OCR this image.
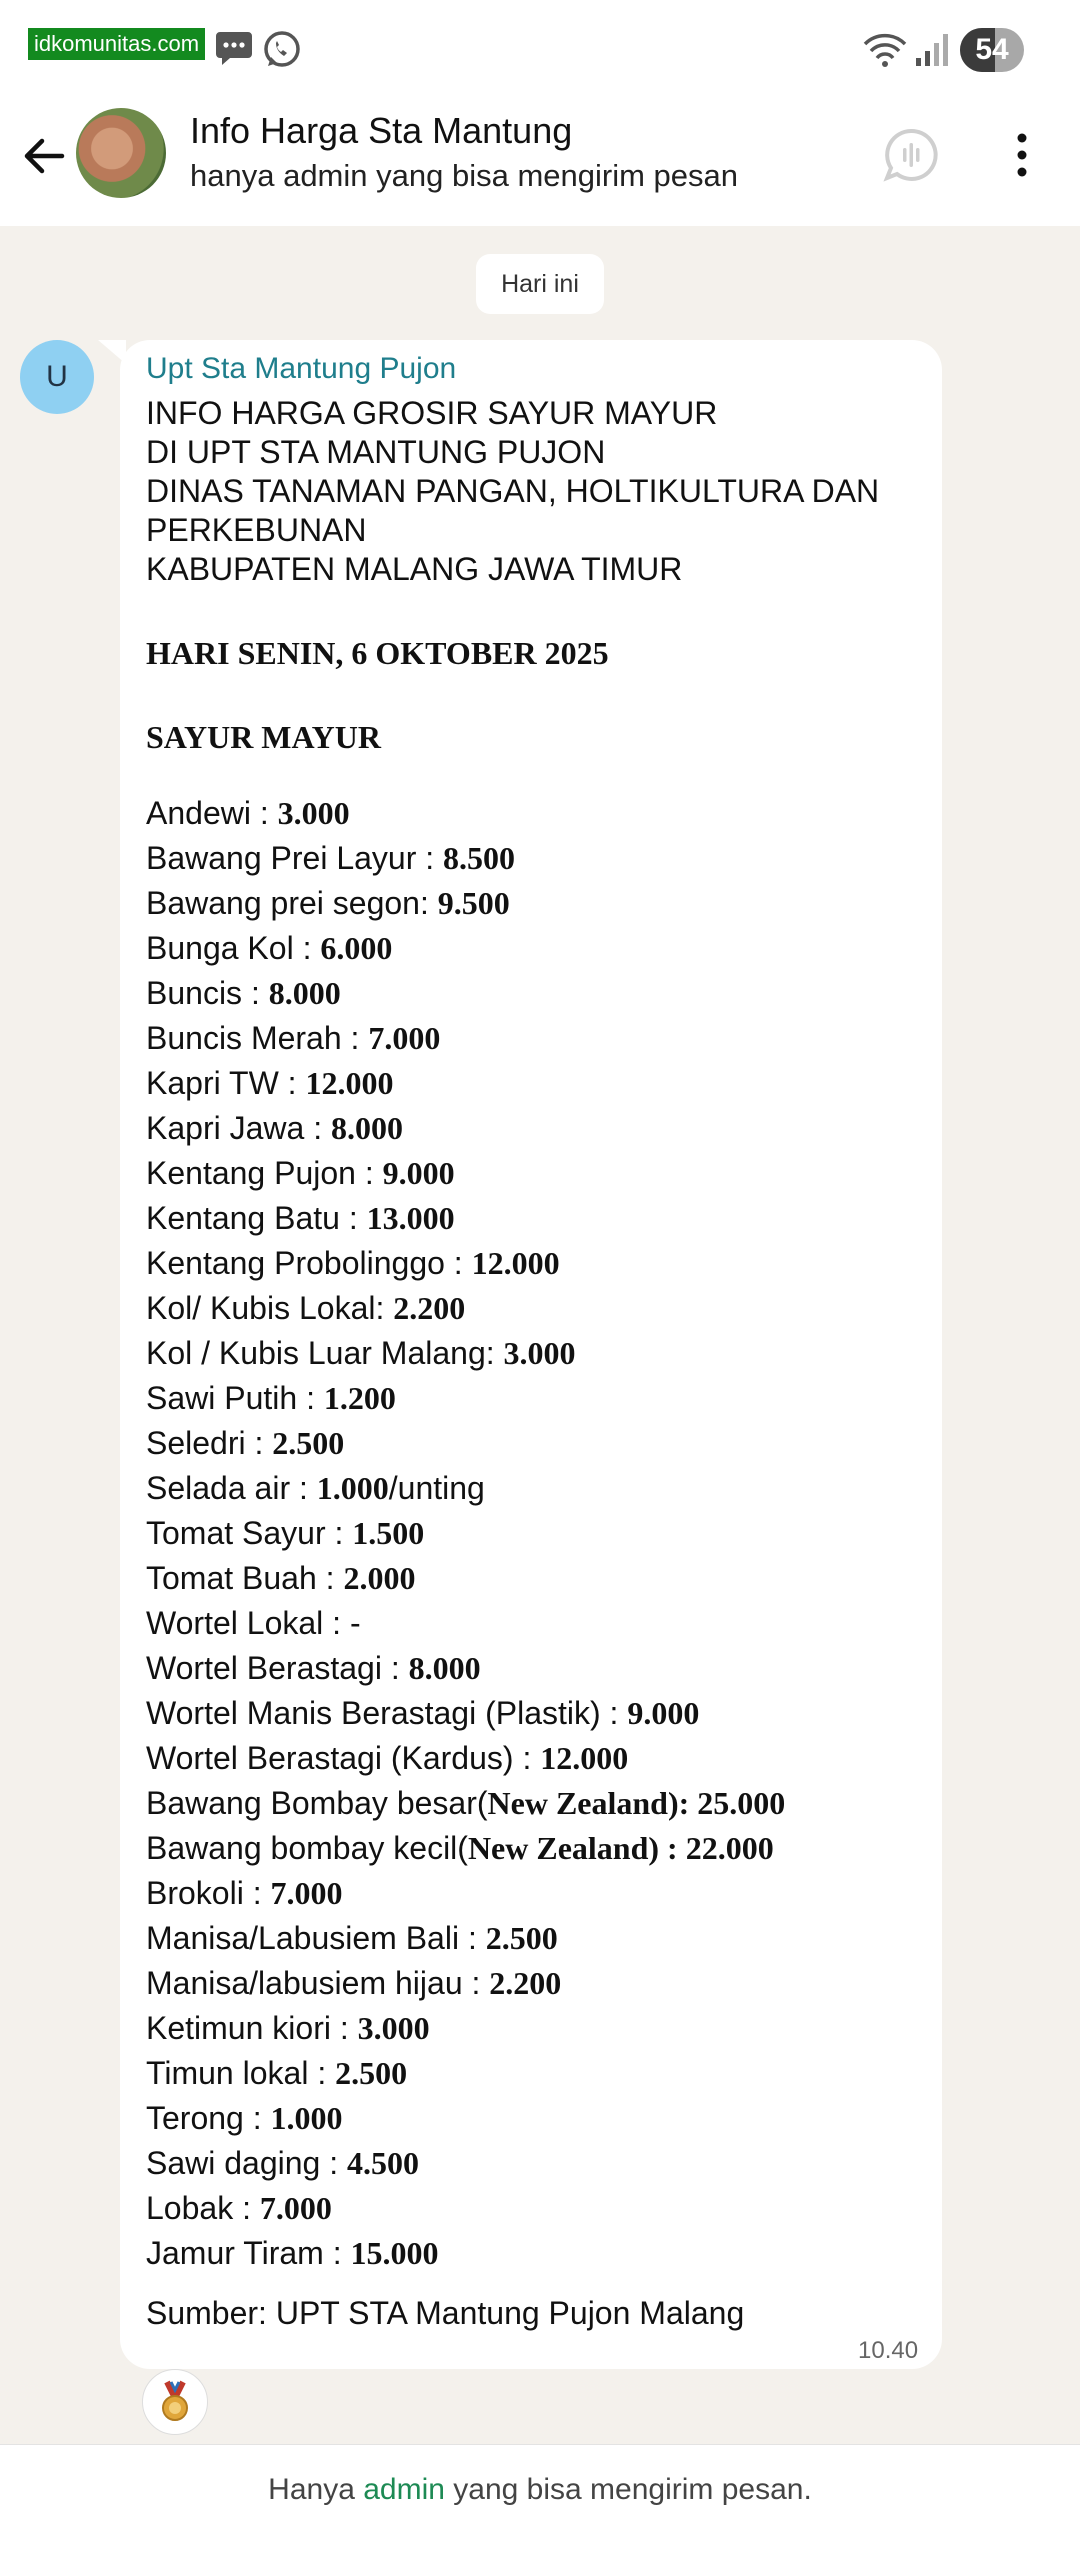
idkomunitas.com	54
Info Harga Sta Mantung
hanya admin yang bisa mengirim pesan
Hari ini
U	Upt Sta Mantung Pujon
INFO HARGA GROSIR SAYUR MAYUR
DI UPT STA MANTUNG PUJON
DINAS TANAMAN PANGAN, HOLTIKULTURA DAN
PERKEBUNAN
KABUPATEN MALANG JAWA TIMUR
HARI SENIN, 6 OKTOBER 2025
SAYUR MAYUR
Andewi : 3.000
Bawang Prei Layur : 8.500
Bawang prei segon: 9.500
Bunga Kol : 6.000
Buncis : 8.000
Buncis Merah : 7.000
Kapri TW : 12.000
Kapri Jawa : 8.000
Kentang Pujon : 9.000
Kentang Batu : 13.000
Kentang Probolinggo : 12.000
Kol/ Kubis Lokal: 2.200
Kol / Kubis Luar Malang: 3.000
Sawi Putih : 1.200
Seledri : 2.500
Selada air : 1.000/unting
Tomat Sayur : 1.500
Tomat Buah : 2.000
Wortel Lokal : -
Wortel Berastagi : 8.000
Wortel Manis Berastagi (Plastik) : 9.000
Wortel Berastagi (Kardus) : 12.000
Bawang Bombay besar(New Zealand): 25.000
Bawang bombay kecil(New Zealand) : 22.000
Brokoli : 7.000
Manisa/Labusiem Bali : 2.500
Manisa/labusiem hijau : 2.200
Ketimun kiori : 3.000
Timun lokal : 2.500
Terong : 1.000
Sawi daging : 4.500
Lobak : 7.000
Jamur Tiram : 15.000
Sumber: UPT STA Mantung Pujon Malang
10.40
Hanya admin yang bisa mengirim pesan.
